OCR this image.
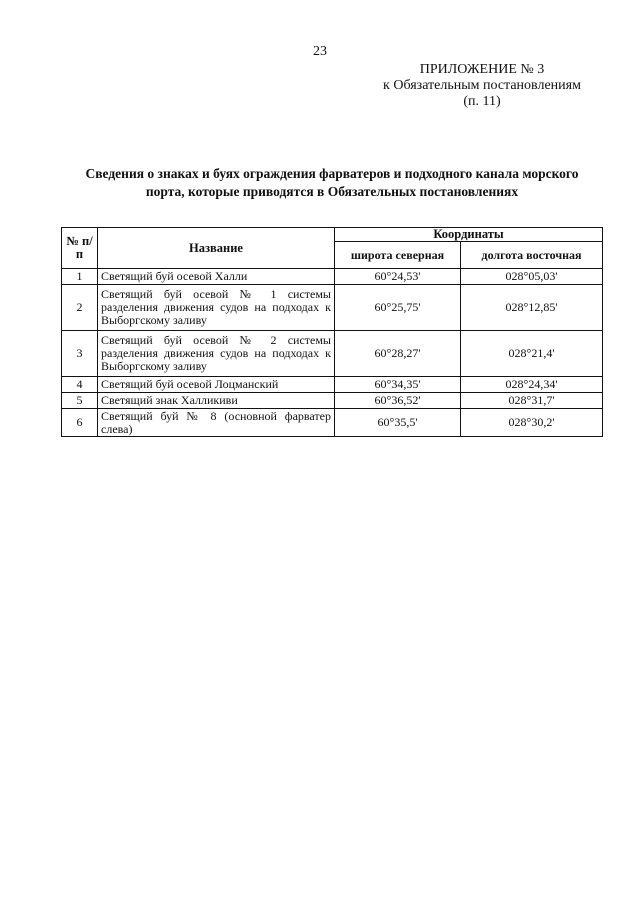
23
ПРИЛОЖЕНИЕ № 3
к Обязательным постановлениям
(п. 11)
Сведения о знаках и буях ограждения фарватеров и подходного канала морского
порта, которые приводятся в Обязательных постановлениях
№ п/п	Название	Координаты	
		широта северная	долгота восточная
1	Светящий буй осевой Халли	60°24,53'	028°05,03'
2	Светящий буй осевой № 1 системы разделения движения судов на подходах к Выборгскому заливу	60°25,75'	028°12,85'
3	Светящий буй осевой № 2 системы разделения движения судов на подходах к Выборгскому заливу	60°28,27'	028°21,4'
4	Светящий буй осевой Лоцманский	60°34,35'	028°24,34'
5	Светящий знак Халликиви	60°36,52'	028°31,7'
6	Светящий буй № 8 (основной фарватер слева)	60°35,5'	028°30,2'
